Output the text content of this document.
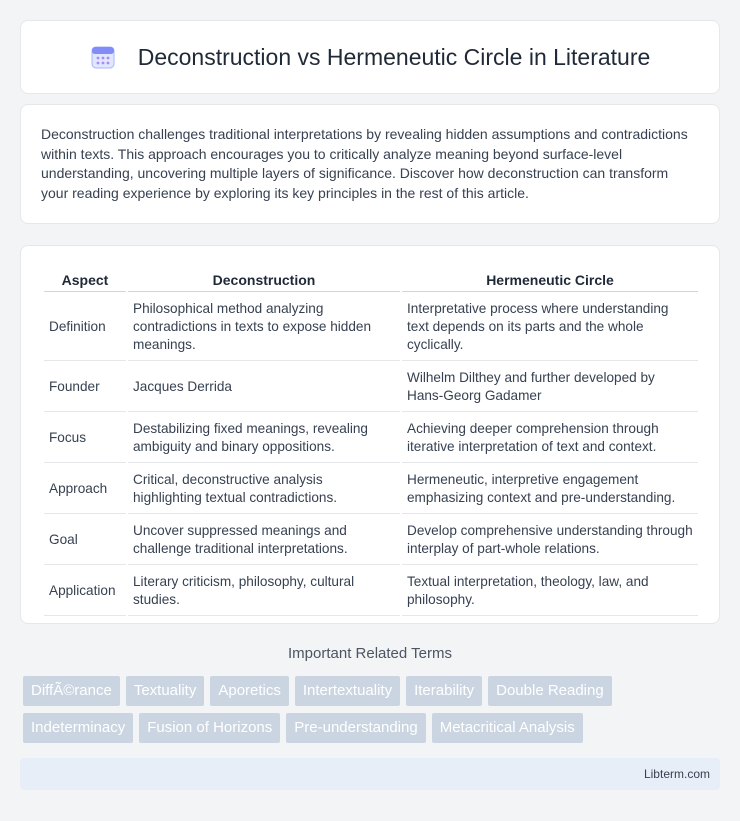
Deconstruction vs Hermeneutic Circle in Literature

Deconstruction challenges traditional interpretations by revealing hidden assumptions and contradictions within texts. This approach encourages you to critically analyze meaning beyond surface-level understanding, uncovering multiple layers of significance. Discover how deconstruction can transform your reading experience by exploring its key principles in the rest of this article.

Aspect	Deconstruction	Hermeneutic Circle
Definition	Philosophical method analyzing contradictions in texts to expose hidden meanings.	Interpretative process where understanding text depends on its parts and the whole cyclically.
Founder	Jacques Derrida	Wilhelm Dilthey and further developed by Hans-Georg Gadamer
Focus	Destabilizing fixed meanings, revealing ambiguity and binary oppositions.	Achieving deeper comprehension through iterative interpretation of text and context.
Approach	Critical, deconstructive analysis highlighting textual contradictions.	Hermeneutic, interpretive engagement emphasizing context and pre-understanding.
Goal	Uncover suppressed meanings and challenge traditional interpretations.	Develop comprehensive understanding through interplay of part-whole relations.
Application	Literary criticism, philosophy, cultural studies.	Textual interpretation, theology, law, and philosophy.
Important Related Terms
DiffÃ©rance	Textuality	Aporetics	Intertextuality	Iterability	Double Reading
Indeterminacy	Fusion of Horizons	Pre-understanding	Metacritical Analysis
Libterm.com
